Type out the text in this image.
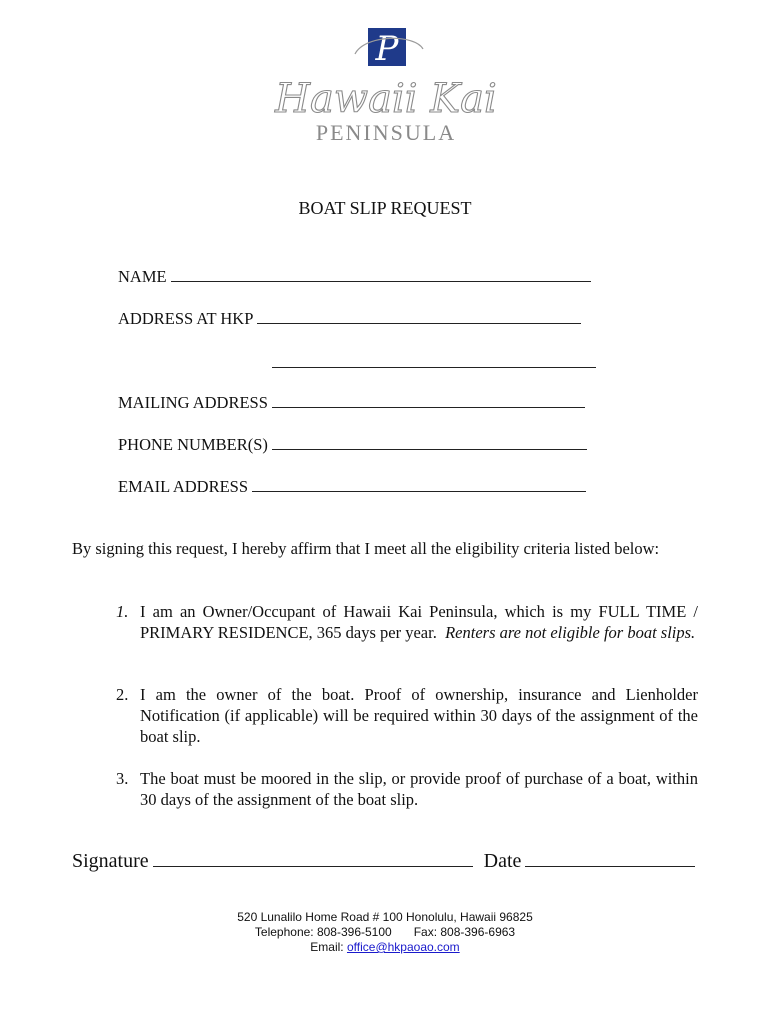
P
Hawaii Kai
PENINSULA
BOAT SLIP REQUEST
NAME
ADDRESS AT HKP
MAILING ADDRESS
PHONE NUMBER(S)
EMAIL ADDRESS
By signing this request, I hereby affirm that I meet all the eligibility criteria listed below:
1. I am an Owner/Occupant of Hawaii Kai Peninsula, which is my FULL TIME / PRIMARY RESIDENCE, 365 days per year. Renters are not eligible for boat slips.
2. I am the owner of the boat. Proof of ownership, insurance and Lienholder Notification (if applicable) will be required within 30 days of the assignment of the boat slip.
3. The boat must be moored in the slip, or provide proof of purchase of a boat, within 30 days of the assignment of the boat slip.
Signature	Date
520 Lunalilo Home Road # 100 Honolulu, Hawaii 96825
Telephone: 808-396-5100 Fax: 808-396-6963
Email: office@hkpaoao.com
